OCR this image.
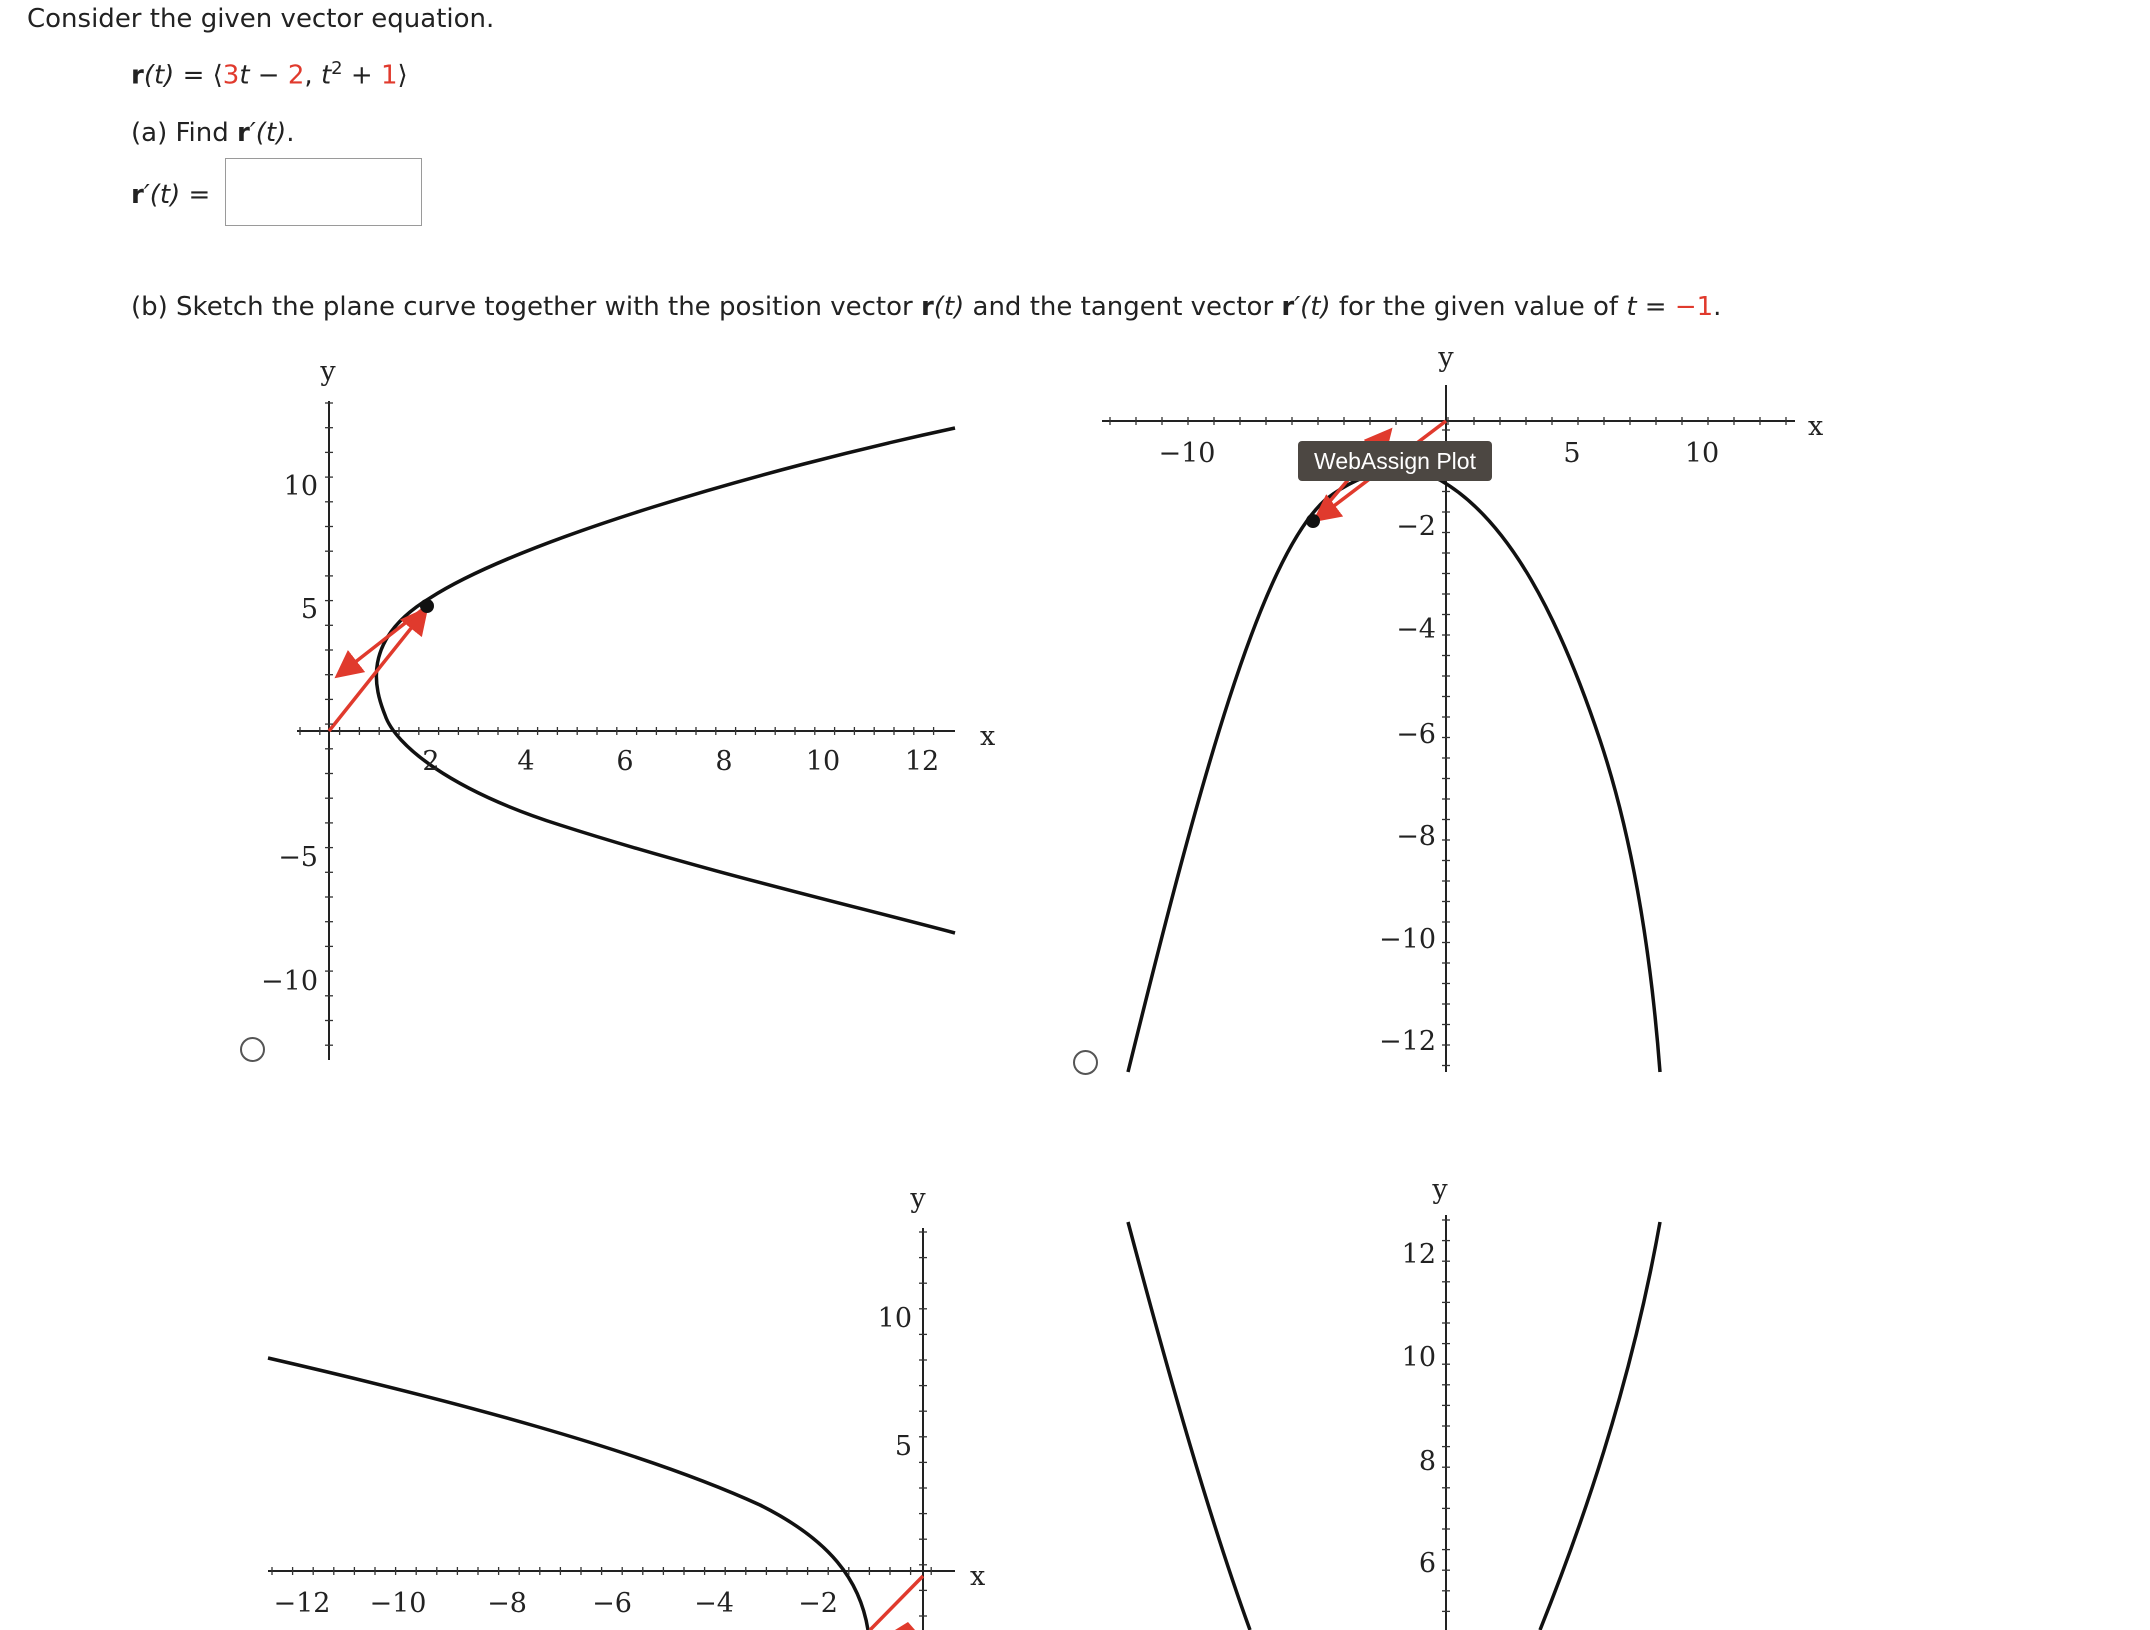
Consider the given vector equation.
r(t) = ⟨3t − 2, $t^2$ + 1⟩
(a) Find r′(t).
r′(t) =
(b) Sketch the plane curve together with the position vector r(t) and the tangent vector r′(t) for the given value of t = −1.
2	4	6	8	10 12
10
5
−5
−10
x
y
−10	5	10
−2
−4
−6
−8
−10
−12
x
y
−12 −10 −8 −6 −4 −2
10
5
x
y
12
10
8
6
y
WebAssign Plot
